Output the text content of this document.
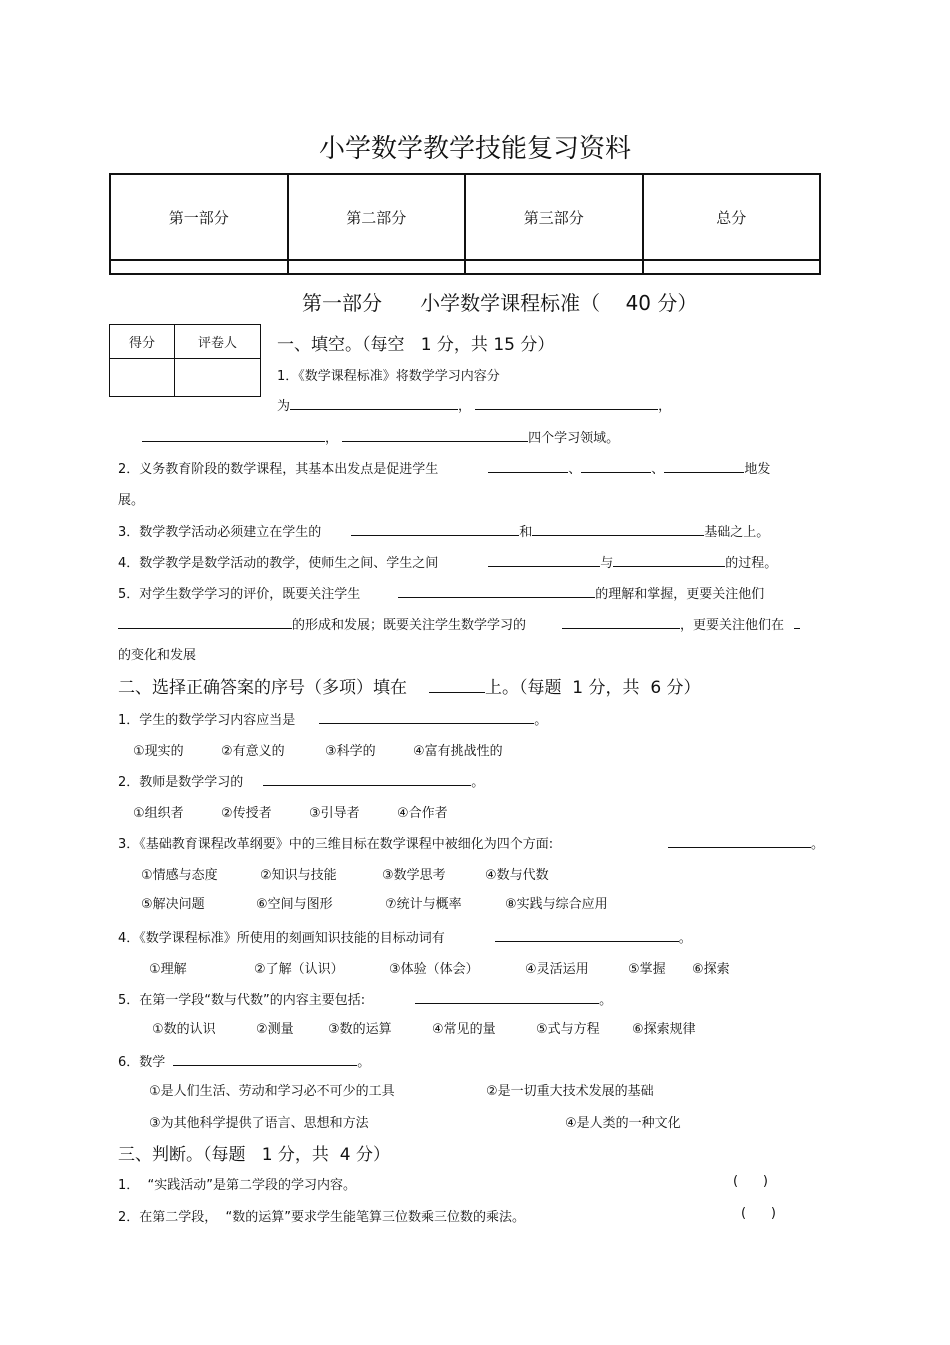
小学数学教学技能复习资料
第一部分	第二部分	第三部分	总分

第一部分      小学数学课程标准（    40 分）
得分	评卷人
	一、填空。（每空   1 分，共 15 分）
1．《数学课程标准》将数学学习内容分
为	，	，
，	四个学习领域。
2．义务教育阶段的数学课程，其基本出发点是促进学生	、	、	地发
展。
3．数学教学活动必须建立在学生的	和	基础之上。
4．数学教学是数学活动的教学，使师生之间、学生之间	与	的过程。
5．对学生数学学习的评价，既要关注学生	的理解和掌握，更要关注他们
的形成和发展；既要关注学生数学学习的	，更要关注他们在
的变化和发展
二、选择正确答案的序号（多项）填在	上。（每题  1 分，共  6 分）
1．学生的数学学习内容应当是	。
①现实的	②有意义的	③科学的	④富有挑战性的
2．教师是数学学习的	。
①组织者	②传授者	③引导者	④合作者
3．《基础教育课程改革纲要》中的三维目标在数学课程中被细化为四个方面:	。
①情感与态度	②知识与技能	③数学思考	④数与代数
⑤解决问题	⑥空间与图形	⑦统计与概率	⑧实践与综合应用
4．《数学课程标准》所使用的刻画知识技能的目标动词有	。
①理解	②了解（认识）	③体验（体会）	④灵活运用	⑤掌握 ⑥探索
5．在第一学段“数与代数”的内容主要包括:	。
①数的认识	②测量	③数的运算	④常见的量	⑤式与方程 ⑥探索规律
6．数学	。
①是人们生活、劳动和学习必不可少的工具	②是一切重大技术发展的基础
③为其他科学提供了语言、思想和方法	④是人类的一种文化
三、判断。（每题   1 分，共  4 分）
1．  “实践活动”是第二学段的学习内容。	(      )
2．在第二学段，  “数的运算”要求学生能笔算三位数乘三位数的乘法。	(      )
